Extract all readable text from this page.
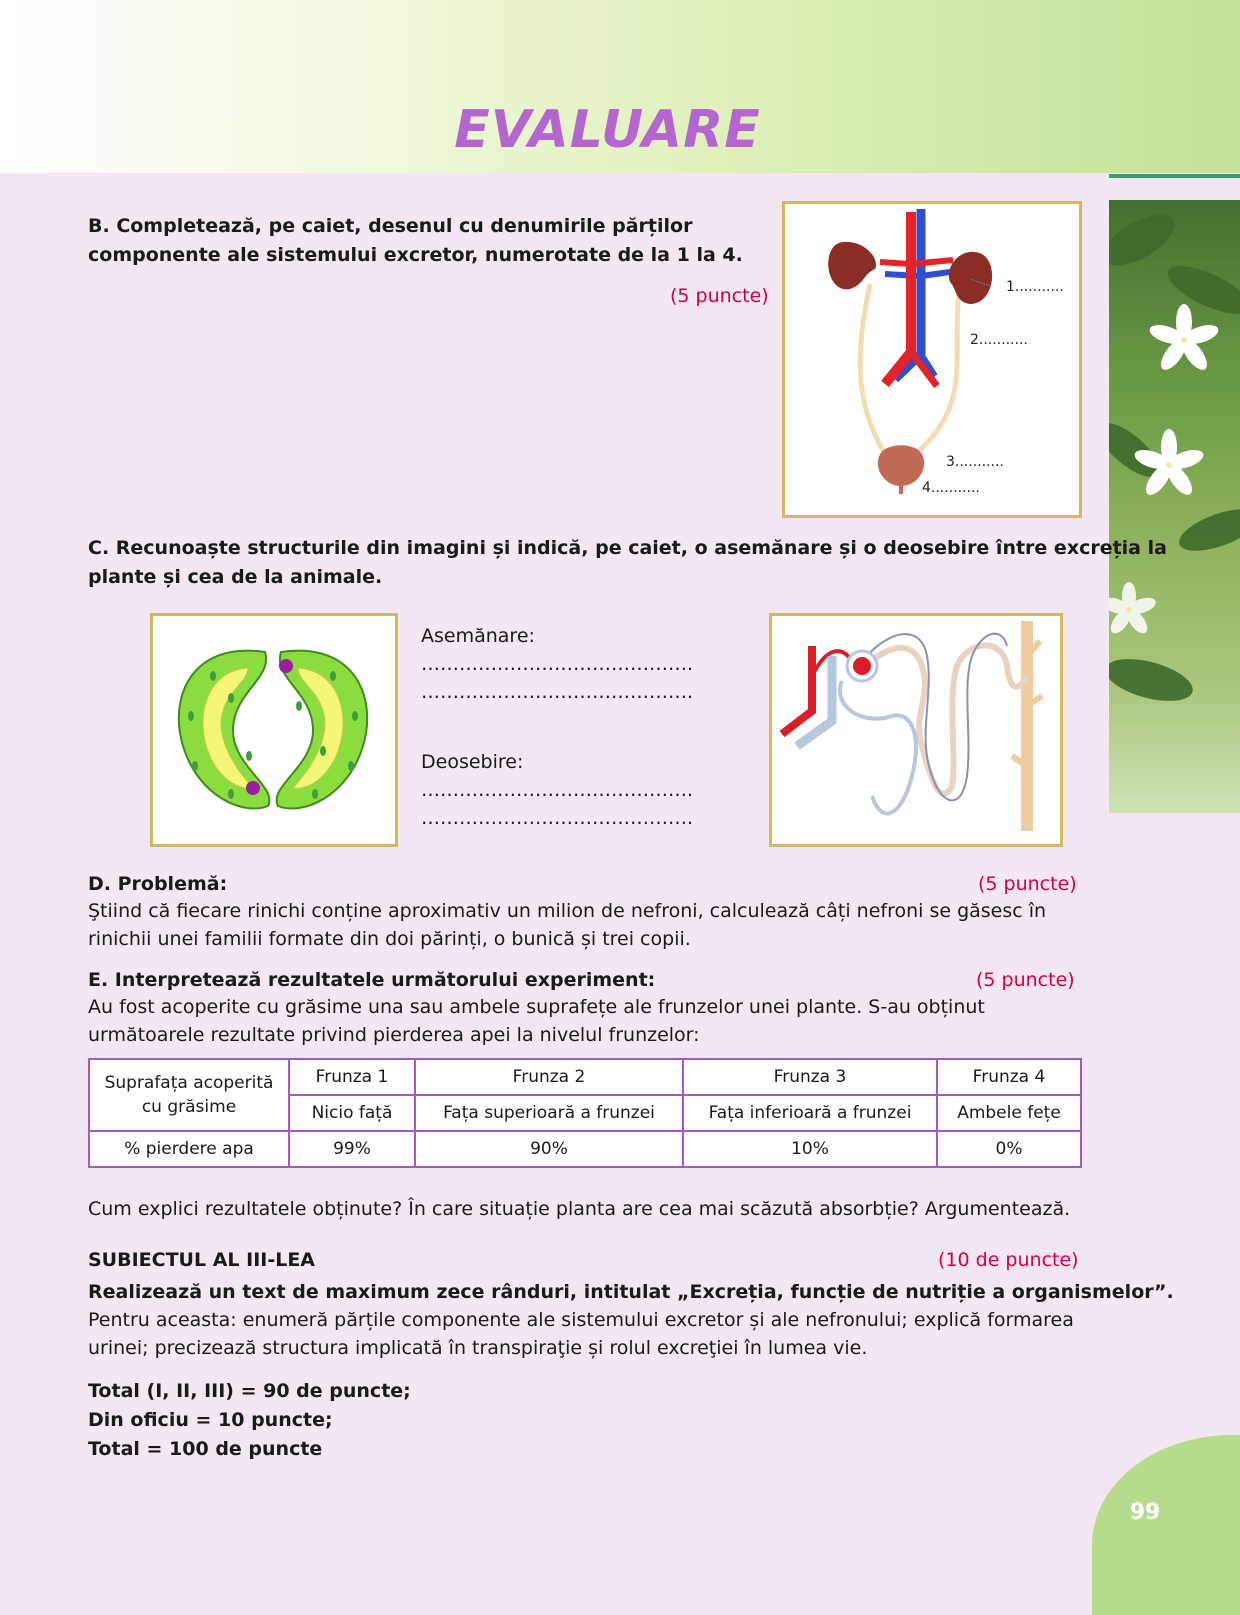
EVALUARE
99
B. Completează, pe caiet, desenul cu denumirile părților
componente ale sistemului excretor, numerotate de la 1 la 4.
(5 puncte)	1...........
2...........
3...........
4...........
C. Recunoaște structurile din imagini și indică, pe caiet, o asemănare și o deosebire între excreția la
plante și cea de la animale.
Asemănare:
…………………………………….
…………………………………….
Deosebire:
…………………………………….
…………………………………….
D. Problemă:	(5 puncte)
Ştiind că fiecare rinichi conține aproximativ un milion de nefroni, calculează câți nefroni se găsesc în
rinichii unei familii formate din doi părinți, o bunică și trei copii.
E. Interpretează rezultatele următorului experiment:	(5 puncte)
Au fost acoperite cu grăsime una sau ambele suprafețe ale frunzelor unei plante. S-au obținut
următoarele rezultate privind pierderea apei la nivelul frunzelor:
Suprafața acoperită cu grăsime	Frunza 1	Frunza 2	Frunza 3	Frunza 4
	Nicio față	Fața superioară a frunzei	Fața inferioară a frunzei	Ambele fețe
% pierdere apa	99%	90%	10%	0%
Cum explici rezultatele obținute? În care situație planta are cea mai scăzută absorbție? Argumentează.
SUBIECTUL AL III-LEA	(10 de puncte)
Realizează un text de maximum zece rânduri, intitulat „Excreția, funcție de nutriție a organismelor”.
Pentru aceasta: enumeră părțile componente ale sistemului excretor și ale nefronului; explică formarea
urinei; precizează structura implicată în transpiraţie și rolul excreţiei în lumea vie.
Total (I, II, III) = 90 de puncte;
Din oficiu = 10 puncte;
Total = 100 de puncte
